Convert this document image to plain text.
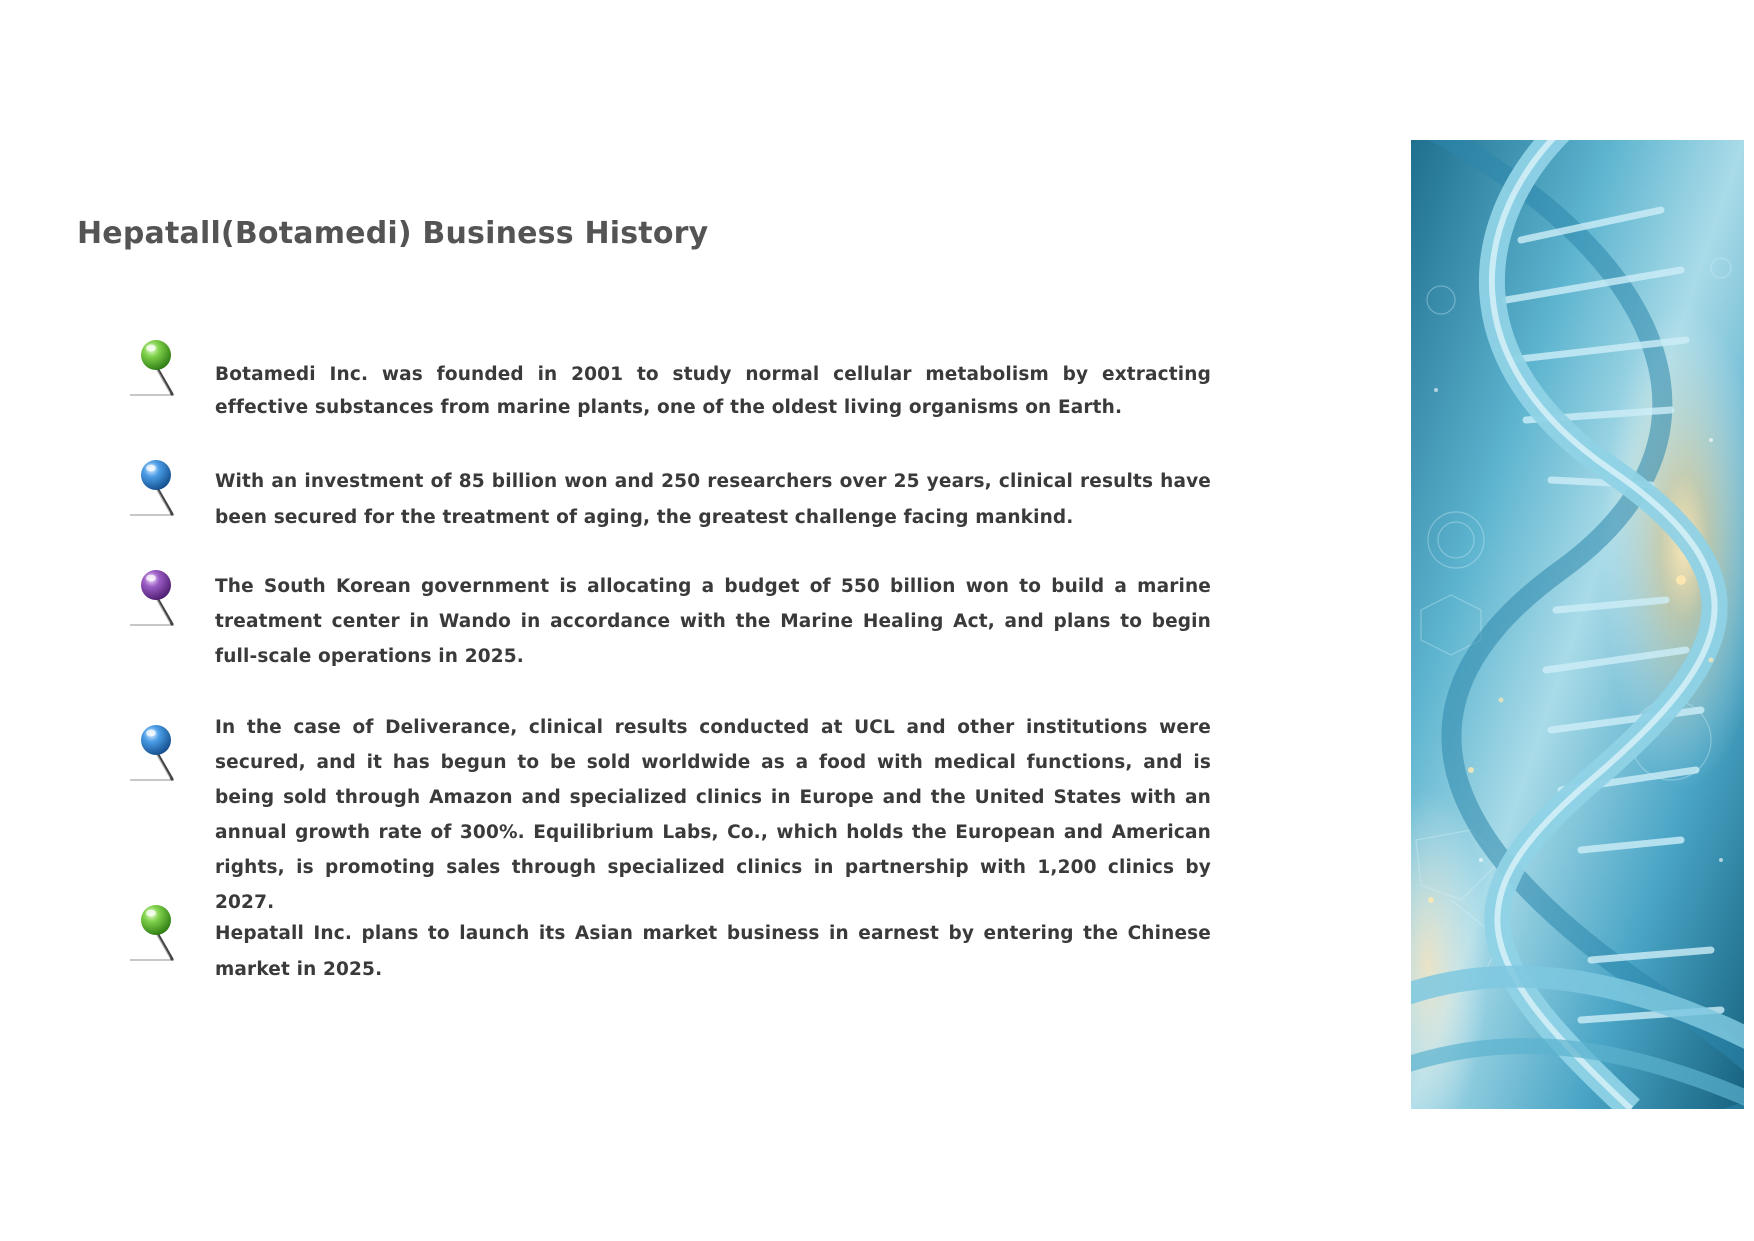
Hepatall(Botamedi) Business History

Botamedi Inc. was founded in 2001 to study normal cellular metabolism by extracting effective substances from marine plants, one of the oldest living organisms on Earth.

With an investment of 85 billion won and 250 researchers over 25 years, clinical results have been secured for the treatment of aging, the greatest challenge facing mankind.

The South Korean government is allocating a budget of 550 billion won to build a marine treatment center in Wando in accordance with the Marine Healing Act, and plans to begin full-scale operations in 2025.

In the case of Deliverance, clinical results conducted at UCL and other institutions were secured, and it has begun to be sold worldwide as a food with medical functions, and is being sold through Amazon and specialized clinics in Europe and the United States with an annual growth rate of 300%. Equilibrium Labs, Co., which holds the European and American rights, is promoting sales through specialized clinics in partnership with 1,200 clinics by 2027.

Hepatall Inc. plans to launch its Asian market business in earnest by entering the Chinese market in 2025.
